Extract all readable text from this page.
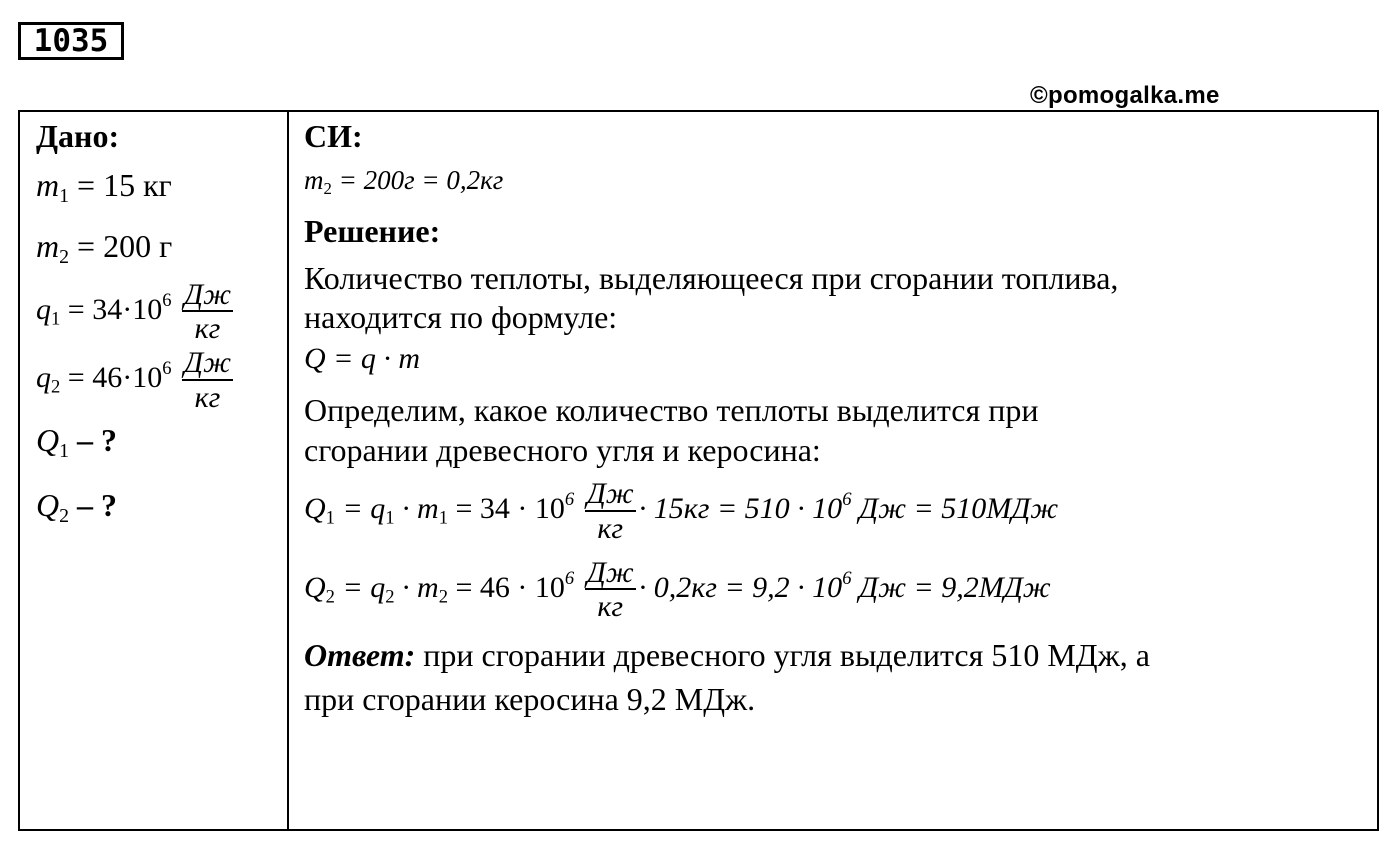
1035
©pomogalka.me
Дано:
$m_1 = 15$ кг
$m_2 = 200$ г
$q_1 = 34\cdot 10^6 \frac{Дж}{кг}$
$q_2 = 46\cdot 10^6 \frac{Дж}{кг}$
$Q_1$ – ?
$Q_2$ – ?
СИ:
$m_2 = 200г = 0,2кг$
Решение:
Количество теплоты, выделяющееся при сгорании топлива,
находится по формуле:
Q = q · m
Определим, какое количество теплоты выделится при
сгорании древесного угля и керосина:
$Q_1 = q_1 \cdot m_1 = 34 \cdot 10^6 \frac{Дж}{кг} \cdot 15кг = 510 \cdot 10^6$ Дж = 510МДж
$Q_2 = q_2 \cdot m_2 = 46 \cdot 10^6 \frac{Дж}{кг} \cdot 0,2кг = 9,2 \cdot 10^6$ Дж = 9,2МДж
Ответ: при сгорании древесного угля выделится 510 МДж, а
при сгорании керосина 9,2 МДж.
